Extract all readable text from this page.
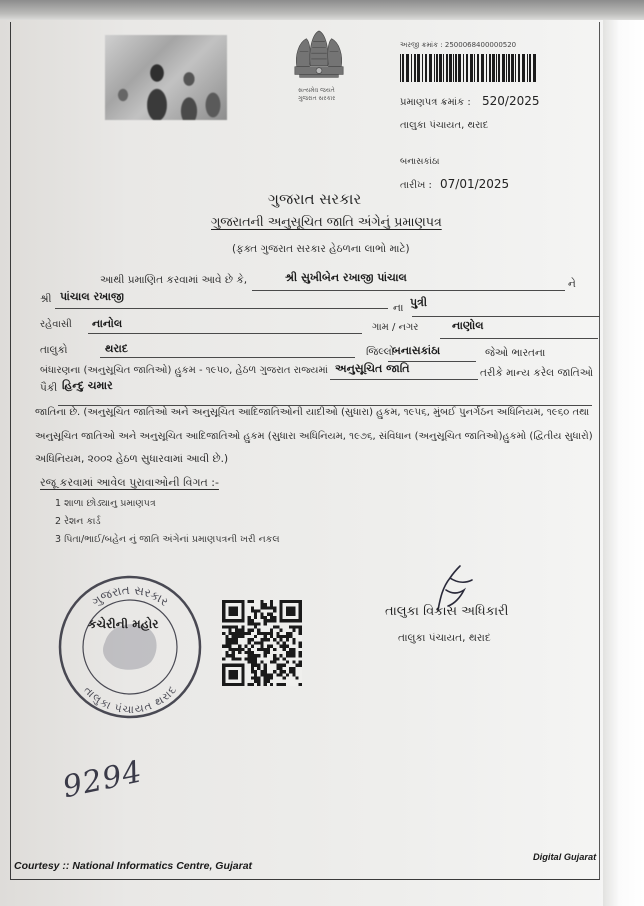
સત્યમેવ જયતે
ગુજરાત સરકાર
અરજી ક્રમાંક : 2500068400000520
પ્રમાણપત્ર ક્રમાંક : 520/2025
તાલુકા પંચાયત, થરાદ
બનાસકાંઠા
તારીખ : 07/01/2025
ગુજરાત સરકાર
ગુજરાતની અનુસૂચિત જાતિ અંગેનું પ્રમાણપત્ર
(ફક્ત ગુજરાત સરકાર હેઠળના લાભો માટે)
આથી પ્રમાણિત કરવામાં આવે છે કે,	શ્રી સુખીબેન રખાજી પાંચાલ	ને
શ્રી પાંચાલ રખાજી
ના પુત્રી
રહેવાસી નાનોલ	ગામ / નગર	નાણોલ
તાલુકો	થરાદ	જિલ્લો
બનાસકાંઠા	જેઓ ભારતના
બંધારણના (અનુસૂચિત જાતિઓ) હુકમ - ૧૯૫૦, હેઠળ ગુજરાત રાજ્યમાં અનુસૂચિત જાતિ	તરીકે માન્ય કરેલ જાતિઓ
પૈકી હિન્દુ ચમાર
જાતિના છે. (અનુસૂચિત જાતિઓ અને અનુસૂચિત આદિજાતિઓની યાદીઓ (સુધારા) હુકમ, ૧૯૫૬, મુંબઈ પુનર્ગઠન અધિનિયમ, ૧૯૬૦ તથા
અનુસૂચિત જાતિઓ અને અનુસૂચિત આદિજાતિઓ હુકમ (સુધારા અધિનિયમ, ૧૯૭૬, સંવિધાન (અનુસૂચિત જાતિઓ)હુકમો (દ્વિતીય સુધારો)
અધિનિયમ, ૨૦૦૨ હેઠળ સુધારવામાં આવી છે.)
રજૂ કરવામાં આવેલ પુરાવાઓની વિગત :-
1 શાળા છોડ્યાનુ પ્રમાણપત્ર
2 રેશન કાર્ડ
3 પિતા/ભાઈ/બહેન નું જાતિ અંગેનાં પ્રમાણપત્રની ખરી નકલ
તાલુકા વિકાસ અધિકારી
તાલુકા પંચાયત, થરાદ
ગુજરાત સરકાર
તાલુકા પંચાયત થરાદ
કચેરીની મહોર
9294
Courtesy :: National Informatics Centre, Gujarat
Digital Gujarat
